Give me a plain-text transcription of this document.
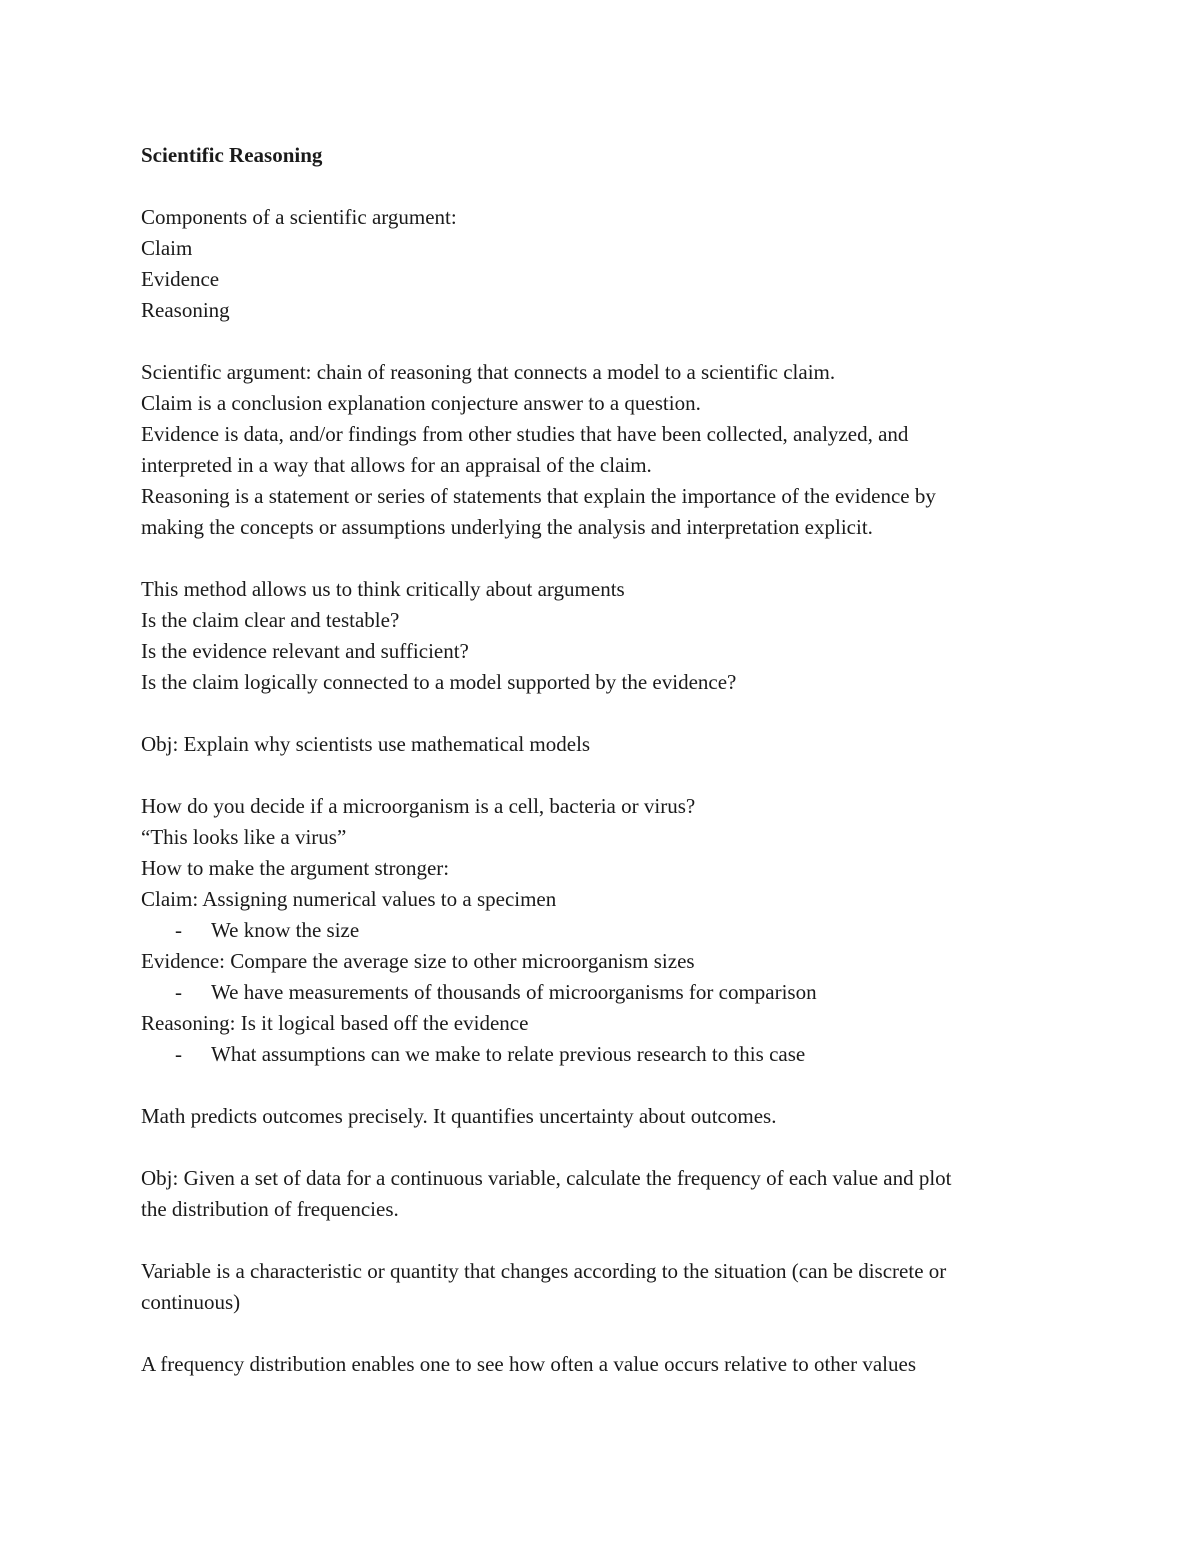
Scientific Reasoning
Components of a scientific argument:
Claim
Evidence
Reasoning
Scientific argument: chain of reasoning that connects a model to a scientific claim.
Claim is a conclusion explanation conjecture answer to a question.
Evidence is data, and/or findings from other studies that have been collected, analyzed, and
interpreted in a way that allows for an appraisal of the claim.
Reasoning is a statement or series of statements that explain the importance of the evidence by
making the concepts or assumptions underlying the analysis and interpretation explicit.
This method allows us to think critically about arguments
Is the claim clear and testable?
Is the evidence relevant and sufficient?
Is the claim logically connected to a model supported by the evidence?
Obj: Explain why scientists use mathematical models
How do you decide if a microorganism is a cell, bacteria or virus?
“This looks like a virus”
How to make the argument stronger:
Claim: Assigning numerical values to a specimen
- We know the size
Evidence: Compare the average size to other microorganism sizes
- We have measurements of thousands of microorganisms for comparison
Reasoning: Is it logical based off the evidence
- What assumptions can we make to relate previous research to this case
Math predicts outcomes precisely. It quantifies uncertainty about outcomes.
Obj: Given a set of data for a continuous variable, calculate the frequency of each value and plot
the distribution of frequencies.
Variable is a characteristic or quantity that changes according to the situation (can be discrete or
continuous)
A frequency distribution enables one to see how often a value occurs relative to other values
